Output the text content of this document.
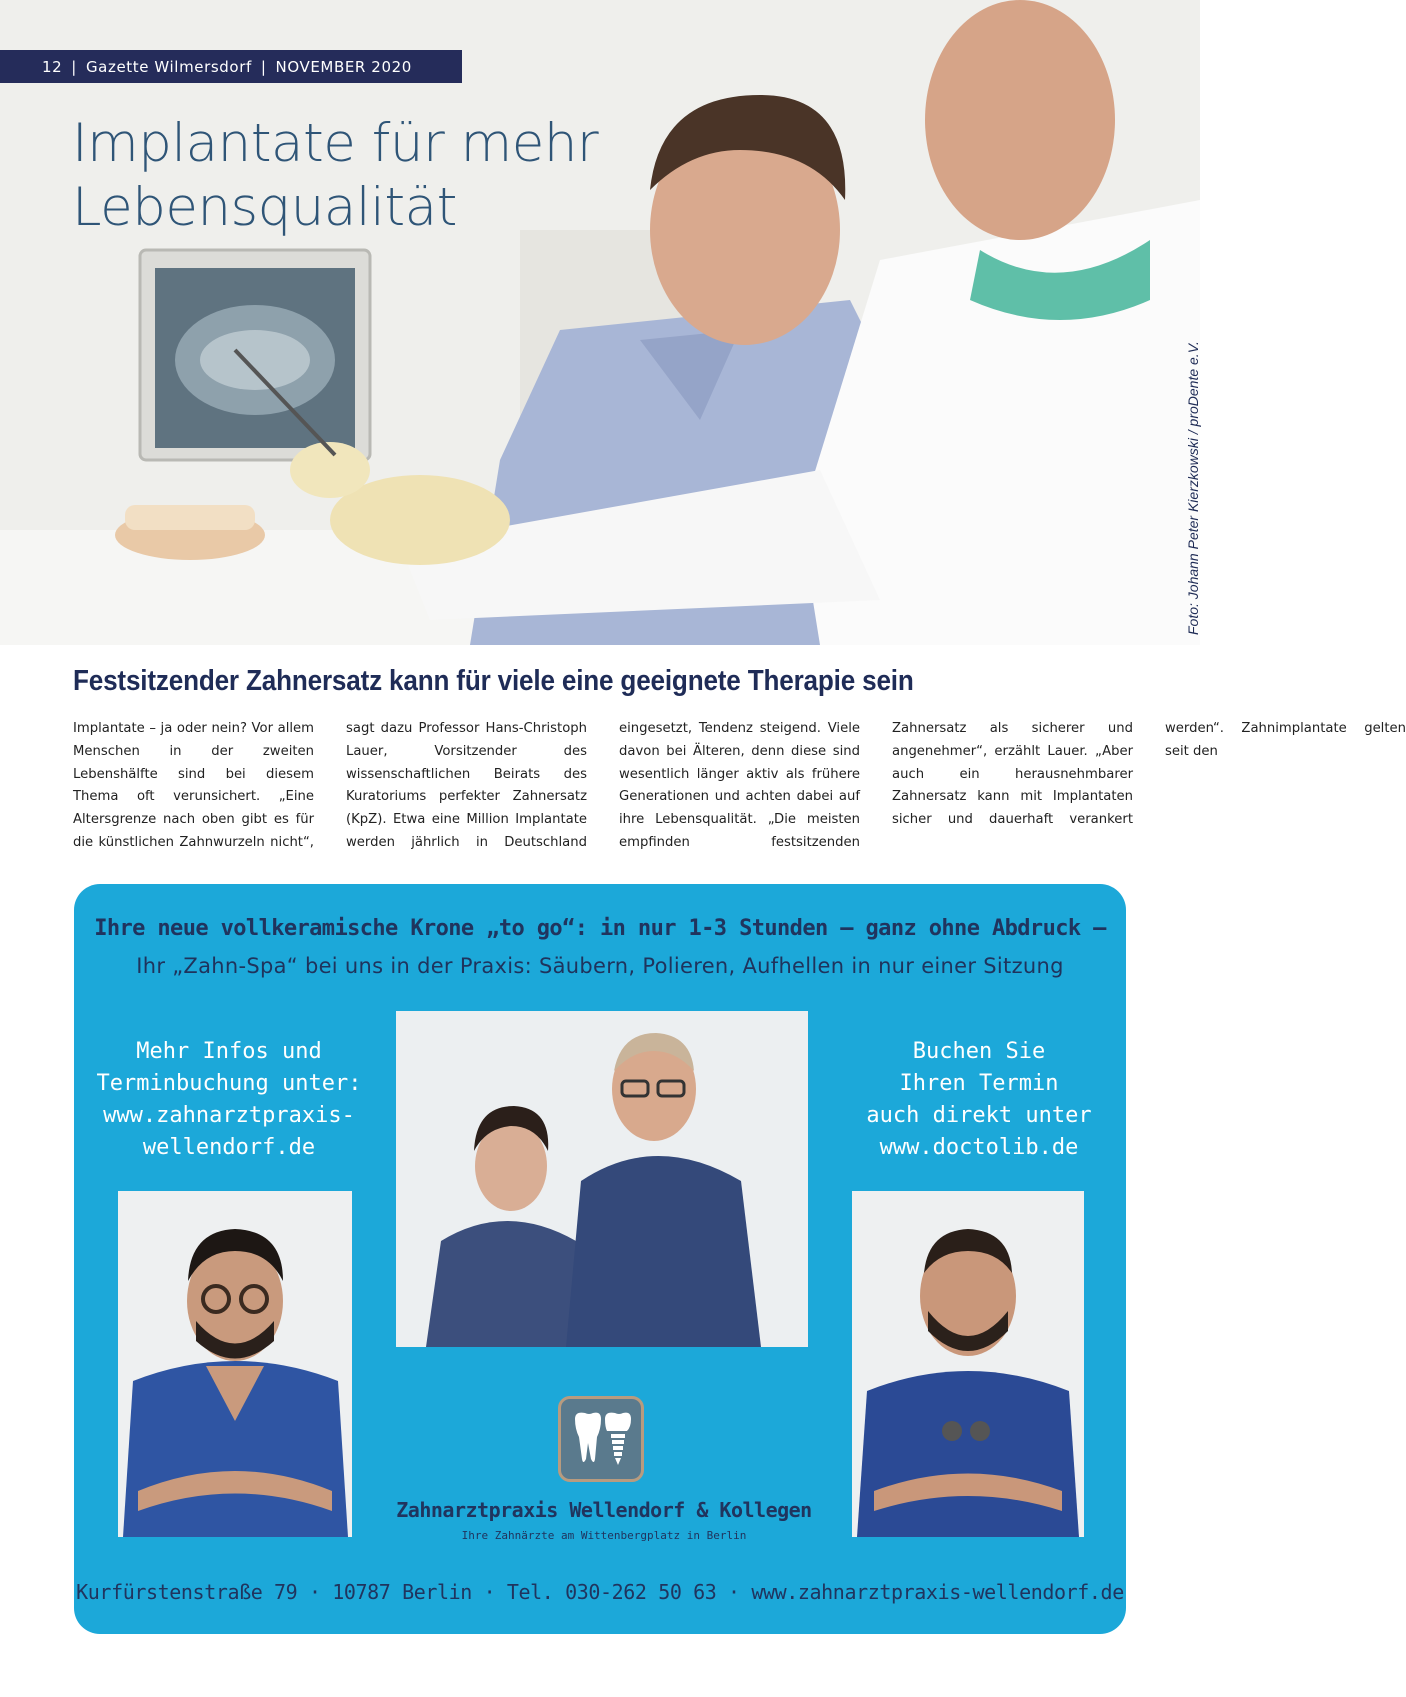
12 | Gazette Wilmersdorf | NOVEMBER 2020
Implantate für mehr
Lebensqualität
Foto: Johann Peter Kierzkowski / proDente e.V.
Festsitzender Zahnersatz kann für viele eine geeignete Therapie sein
Implantate – ja oder nein? Vor allem Menschen in der zweiten Lebenshälfte sind bei diesem Thema oft verunsichert. „Eine Altersgrenze nach oben gibt es für die künstlichen Zahnwurzeln nicht“, sagt dazu Professor Hans-Christoph Lauer, Vorsitzender des wissenschaftlichen Beirats des Kuratoriums perfekter Zahnersatz (KpZ). Etwa eine Million Implantate werden jährlich in Deutschland eingesetzt, Tendenz steigend. Viele davon bei Älteren, denn diese sind wesentlich länger aktiv als frühere Generationen und achten dabei auf ihre Lebensqualität. „Die meisten empfinden festsitzenden Zahnersatz als sicherer und angenehmer“, erzählt Lauer. „Aber auch ein herausnehmbarer Zahnersatz kann mit Implantaten sicher und dauerhaft verankert werden“. Zahnimplantate gelten seit den
Ihre neue vollkeramische Krone „to go“: in nur 1-3 Stunden – ganz ohne Abdruck –
Ihr „Zahn-Spa“ bei uns in der Praxis: Säubern, Polieren, Aufhellen in nur einer Sitzung
Mehr Infos und
Terminbuchung unter:
www.zahnarztpraxis-
wellendorf.de
Buchen Sie
Ihren Termin
auch direkt unter
www.doctolib.de
Zahnarztpraxis Wellendorf & Kollegen
Ihre Zahnärzte am Wittenbergplatz in Berlin
Kurfürstenstraße 79 · 10787 Berlin · Tel. 030-262 50 63 · www.zahnarztpraxis-wellendorf.de
